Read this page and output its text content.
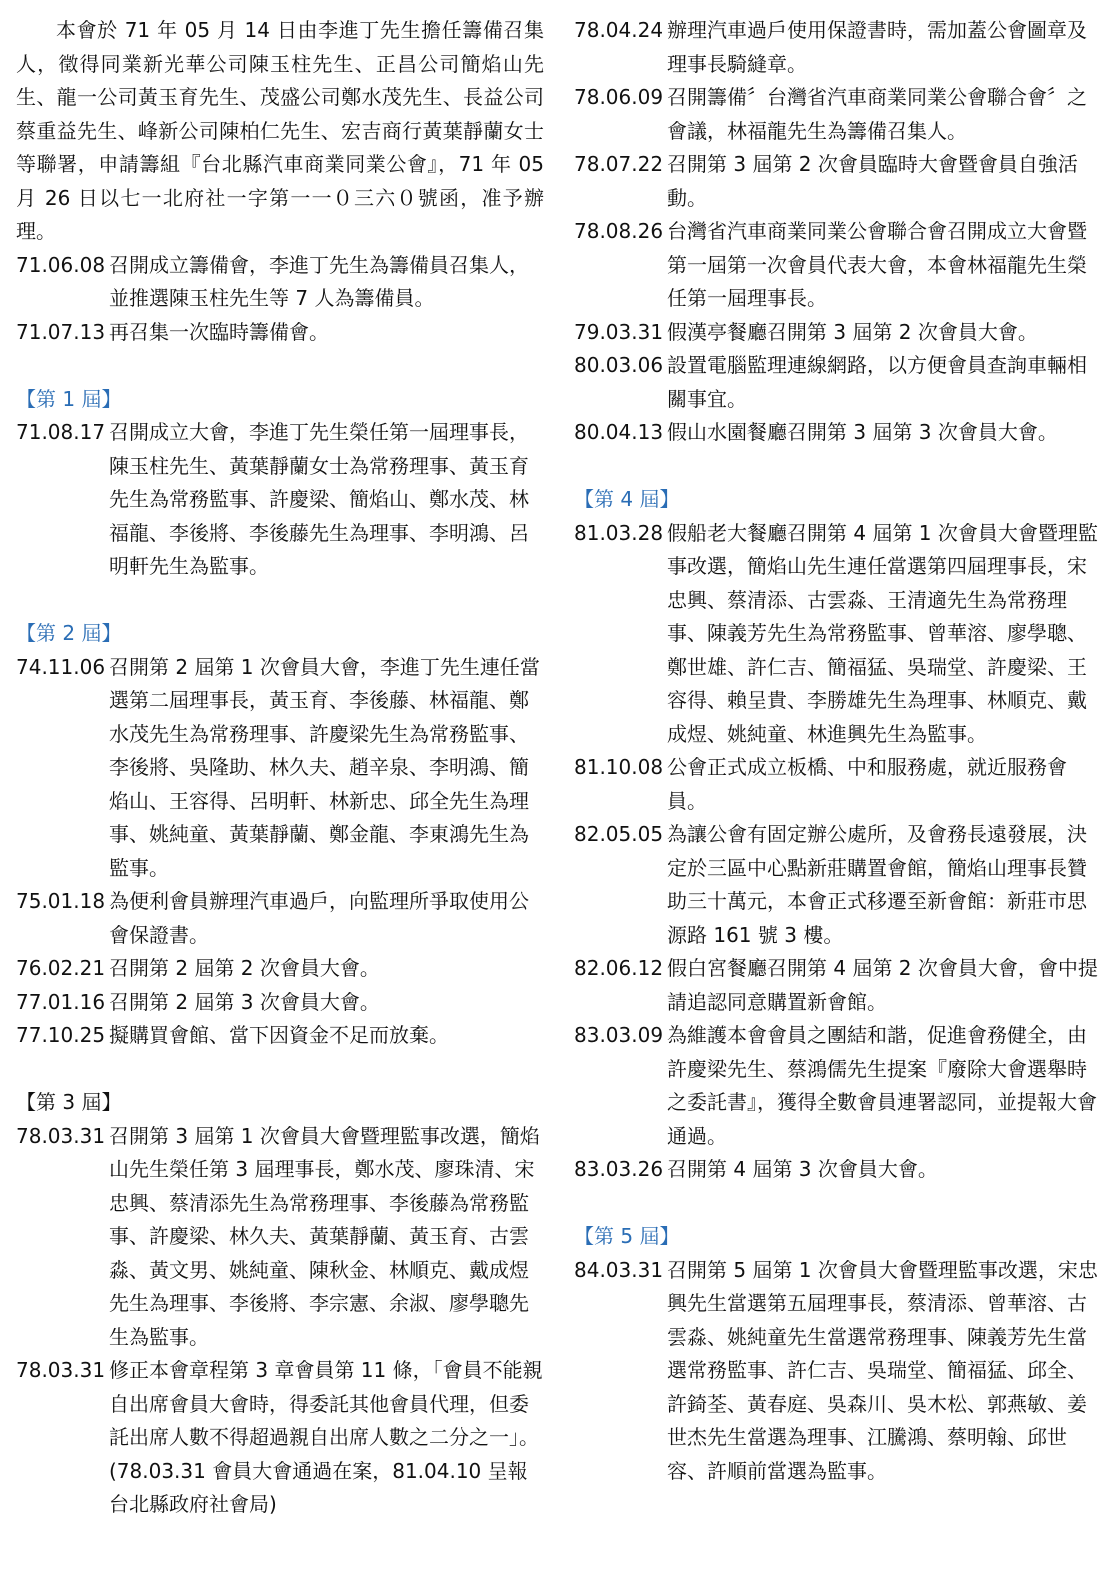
本會於 71 年 05 月 14 日由李進丁先生擔任籌備召集人，徵得同業新光華公司陳玉柱先生、正昌公司簡焰山先生、龍一公司黃玉育先生、茂盛公司鄭水茂先生、長益公司蔡重益先生、峰新公司陳柏仁先生、宏吉商行黃葉靜蘭女士等聯署，申請籌組『台北縣汽車商業同業公會』，71 年 05 月 26 日以七一北府社一字第一一０三六０號函，准予辦理。

71.06.08 召開成立籌備會，李進丁先生為籌備員召集人，並推選陳玉柱先生等 7 人為籌備員。
71.07.13 再召集一次臨時籌備會。

【第 1 屆】

71.08.17 召開成立大會，李進丁先生榮任第一屆理事長，陳玉柱先生、黃葉靜蘭女士為常務理事、黃玉育先生為常務監事、許慶梁、簡焰山、鄭水茂、林福龍、李後將、李後藤先生為理事、李明鴻、呂明軒先生為監事。

【第 2 屆】

74.11.06 召開第 2 屆第 1 次會員大會，李進丁先生連任當選第二屆理事長，黃玉育、李後藤、林福龍、鄭水茂先生為常務理事、許慶梁先生為常務監事、李後將、吳隆助、林久夫、趙辛泉、李明鴻、簡焰山、王容得、呂明軒、林新忠、邱全先生為理事、姚純童、黃葉靜蘭、鄭金龍、李東鴻先生為監事。
75.01.18 為便利會員辦理汽車過戶，向監理所爭取使用公會保證書。
76.02.21 召開第 2 屆第 2 次會員大會。
77.01.16 召開第 2 屆第 3 次會員大會。
77.10.25 擬購買會館、當下因資金不足而放棄。

【第 3 屆】

78.03.31 召開第 3 屆第 1 次會員大會暨理監事改選，簡焰山先生榮任第 3 屆理事長，鄭水茂、廖珠清、宋忠興、蔡清添先生為常務理事、李後藤為常務監事、許慶梁、林久夫、黃葉靜蘭、黃玉育、古雲淼、黃文男、姚純童、陳秋金、林順克、戴成煜先生為理事、李後將、李宗憲、余淑、廖學聰先生為監事。
78.03.31 修正本會章程第 3 章會員第 11 條，「會員不能親自出席會員大會時，得委託其他會員代理，但委託出席人數不得超過親自出席人數之二分之一」。(78.03.31 會員大會通過在案，81.04.10 呈報台北縣政府社會局)
78.04.24 辦理汽車過戶使用保證書時，需加蓋公會圖章及理事長騎縫章。
78.06.09 召開籌備〞台灣省汽車商業同業公會聯合會〞之會議，林福龍先生為籌備召集人。
78.07.22 召開第 3 屆第 2 次會員臨時大會暨會員自強活動。
78.08.26 台灣省汽車商業同業公會聯合會召開成立大會暨第一屆第一次會員代表大會，本會林福龍先生榮任第一屆理事長。
79.03.31 假漢亭餐廳召開第 3 屆第 2 次會員大會。
80.03.06 設置電腦監理連線網路，以方便會員查詢車輛相關事宜。
80.04.13 假山水園餐廳召開第 3 屆第 3 次會員大會。

【第 4 屆】

81.03.28 假船老大餐廳召開第 4 屆第 1 次會員大會暨理監事改選，簡焰山先生連任當選第四屆理事長，宋忠興、蔡清添、古雲淼、王清適先生為常務理事、陳義芳先生為常務監事、曾華溶、廖學聰、鄭世雄、許仁吉、簡福猛、吳瑞堂、許慶梁、王容得、賴呈貴、李勝雄先生為理事、林順克、戴成煜、姚純童、林進興先生為監事。
81.10.08 公會正式成立板橋、中和服務處，就近服務會員。
82.05.05 為讓公會有固定辦公處所，及會務長遠發展，決定於三區中心點新莊購置會館，簡焰山理事長贊助三十萬元，本會正式移遷至新會館：新莊市思源路 161 號 3 樓。
82.06.12 假白宮餐廳召開第 4 屆第 2 次會員大會，會中提請追認同意購置新會館。
83.03.09 為維護本會會員之團結和諧，促進會務健全，由許慶梁先生、蔡鴻儒先生提案『廢除大會選舉時之委託書』，獲得全數會員連署認同，並提報大會通過。
83.03.26 召開第 4 屆第 3 次會員大會。

【第 5 屆】

84.03.31 召開第 5 屆第 1 次會員大會暨理監事改選，宋忠興先生當選第五屆理事長，蔡清添、曾華溶、古雲淼、姚純童先生當選常務理事、陳義芳先生當選常務監事、許仁吉、吳瑞堂、簡福猛、邱全、許錡荃、黃春庭、吳森川、吳木松、郭燕敏、姜世杰先生當選為理事、江騰鴻、蔡明翰、邱世容、許順前當選為監事。
